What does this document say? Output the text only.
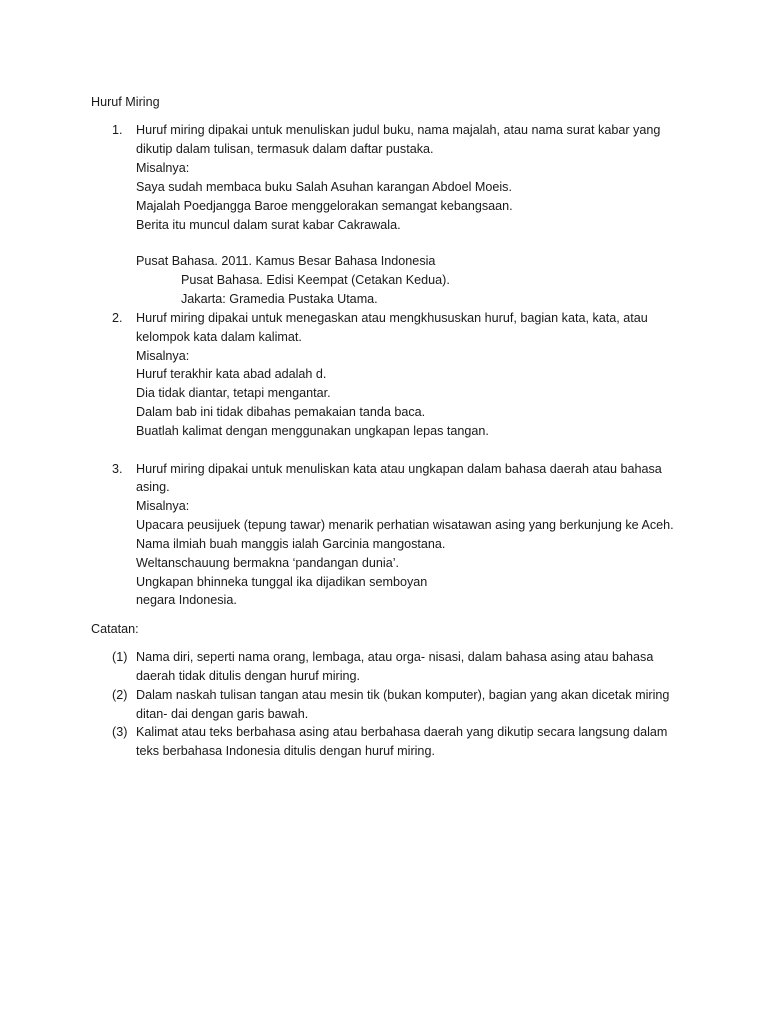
Huruf Miring
1. Huruf miring dipakai untuk menuliskan judul buku, nama majalah, atau nama surat kabar yang
dikutip dalam tulisan, termasuk dalam daftar pustaka.
Misalnya:
Saya sudah membaca buku Salah Asuhan karangan Abdoel Moeis.
Majalah Poedjangga Baroe menggelorakan semangat kebangsaan.
Berita itu muncul dalam surat kabar Cakrawala.
Pusat Bahasa. 2011. Kamus Besar Bahasa Indonesia
Pusat Bahasa. Edisi Keempat (Cetakan Kedua).
Jakarta: Gramedia Pustaka Utama.
2. Huruf miring dipakai untuk menegaskan atau mengkhususkan huruf, bagian kata, kata, atau
kelompok kata dalam kalimat.
Misalnya:
Huruf terakhir kata abad adalah d.
Dia tidak diantar, tetapi mengantar.
Dalam bab ini tidak dibahas pemakaian tanda baca.
Buatlah kalimat dengan menggunakan ungkapan lepas tangan.
3. Huruf miring dipakai untuk menuliskan kata atau ungkapan dalam bahasa daerah atau bahasa
asing.
Misalnya:
Upacara peusijuek (tepung tawar) menarik perhatian wisatawan asing yang berkunjung ke Aceh.
Nama ilmiah buah manggis ialah Garcinia mangostana.
Weltanschauung bermakna ‘pandangan dunia’.
Ungkapan bhinneka tunggal ika dijadikan semboyan
negara Indonesia.
Catatan:
(1) Nama diri, seperti nama orang, lembaga, atau orga- nisasi, dalam bahasa asing atau bahasa
daerah tidak ditulis dengan huruf miring.
(2) Dalam naskah tulisan tangan atau mesin tik (bukan komputer), bagian yang akan dicetak miring
ditan- dai dengan garis bawah.
(3) Kalimat atau teks berbahasa asing atau berbahasa daerah yang dikutip secara langsung dalam
teks berbahasa Indonesia ditulis dengan huruf miring.
